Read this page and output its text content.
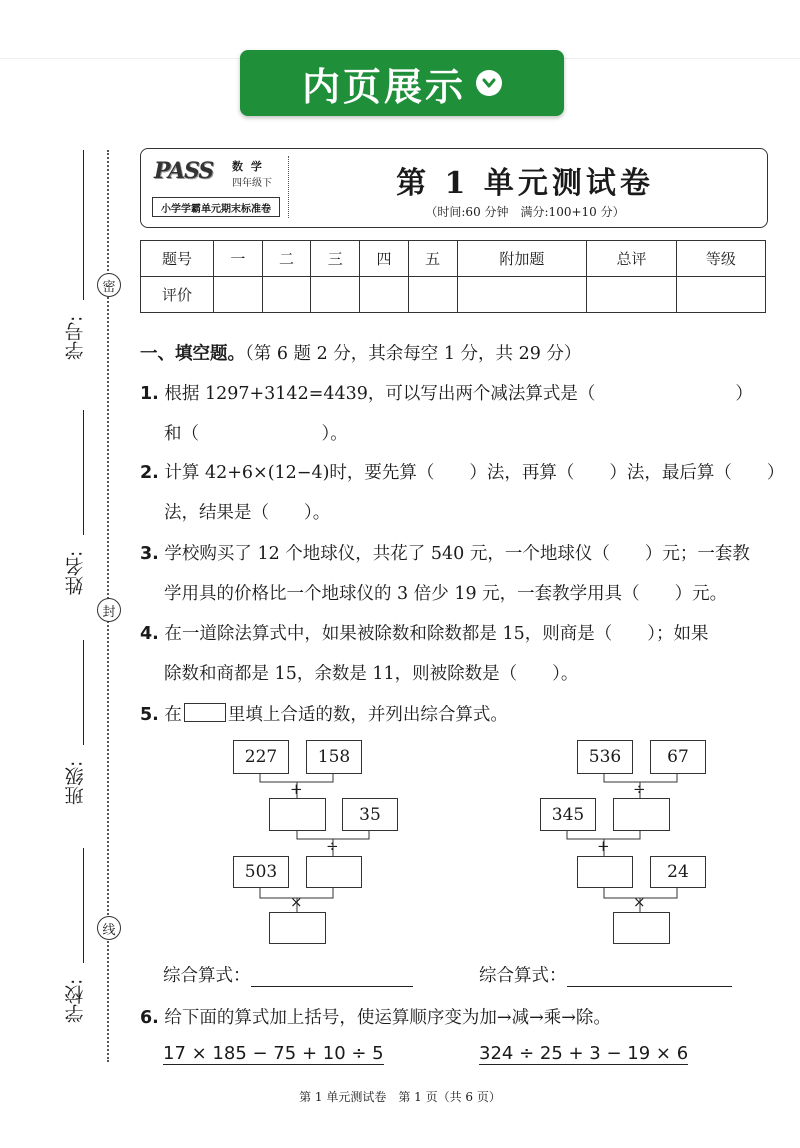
内页展示
密
封
线
学号:
姓名:
班级:
学校:
PASS 数 学
四年级下
小学学霸单元期末标准卷
第 1 单元测试卷
（时间:60 分钟　满分:100+10 分）
题号	一	二	三	四	五	附加题	总评	等级
评价								
一、填空题。（第 6 题 2 分，其余每空 1 分，共 29 分）
1. 根据 1297+3142=4439，可以写出两个减法算式是（　　　　　　　　）
和（　　　　　　　）。
2. 计算 42+6×(12−4)时，要先算（　　）法，再算（　　）法，最后算（　　）
法，结果是（　　）。
3. 学校购买了 12 个地球仪，共花了 540 元，一个地球仪（　　）元；一套教
学用具的价格比一个地球仪的 3 倍少 19 元，一套教学用具（　　）元。
4. 在一道除法算式中，如果被除数和除数都是 15，则商是（　　）；如果
除数和商都是 15，余数是 11，则被除数是（　　）。
5. 在	里填上合适的数，并列出综合算式。
227	158
+
35
÷
503
×
536	67
÷
345
+
24
×
综合算式：	综合算式：
6. 给下面的算式加上括号，使运算顺序变为加→减→乘→除。
17 × 185 − 75 + 10 ÷ 5	324 ÷ 25 + 3 − 19 × 6
第 1 单元测试卷　第 1 页（共 6 页）
